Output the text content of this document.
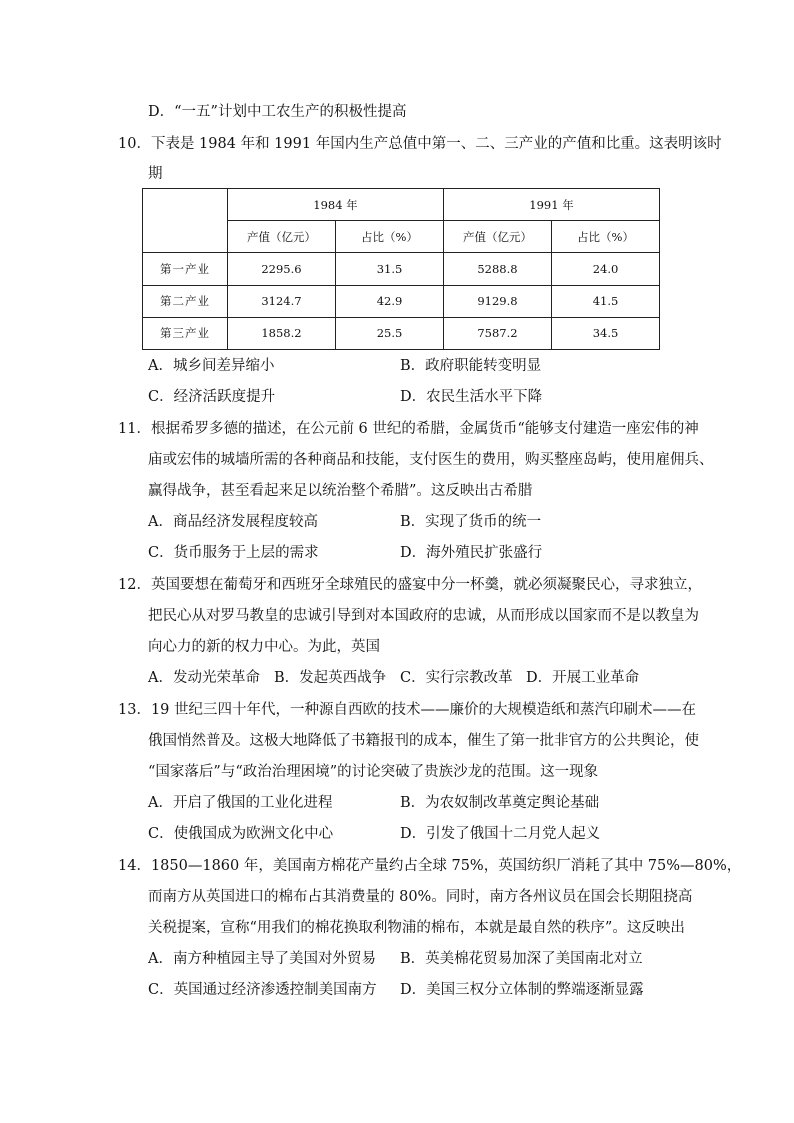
D．“一五”计划中工农生产的积极性提高
10．下表是 1984 年和 1991 年国内生产总值中第一、二、三产业的产值和比重。这表明该时
期
	1984 年		1991 年	
	产值（亿元）	占比（%）	产值（亿元）	占比（%）
第一产业	2295.6	31.5	5288.8	24.0
第二产业	3124.7	42.9	9129.8	41.5
第三产业	1858.2	25.5	7587.2	34.5
A．城乡间差异缩小	B．政府职能转变明显
C．经济活跃度提升	D．农民生活水平下降
11．根据希罗多德的描述，在公元前 6 世纪的希腊，金属货币“能够支付建造一座宏伟的神
庙或宏伟的城墙所需的各种商品和技能，支付医生的费用，购买整座岛屿，使用雇佣兵、
赢得战争，甚至看起来足以统治整个希腊”。这反映出古希腊
A．商品经济发展程度较高	B．实现了货币的统一
C．货币服务于上层的需求	D．海外殖民扩张盛行
12．英国要想在葡萄牙和西班牙全球殖民的盛宴中分一杯羹，就必须凝聚民心，寻求独立，
把民心从对罗马教皇的忠诚引导到对本国政府的忠诚，从而形成以国家而不是以教皇为
向心力的新的权力中心。为此，英国
A．发动光荣革命 B．发起英西战争 C．实行宗教改革 D．开展工业革命
13．19 世纪三四十年代，一种源自西欧的技术——廉价的大规模造纸和蒸汽印刷术——在
俄国悄然普及。这极大地降低了书籍报刊的成本，催生了第一批非官方的公共舆论，使
“国家落后”与“政治治理困境”的讨论突破了贵族沙龙的范围。这一现象
A．开启了俄国的工业化进程	B．为农奴制改革奠定舆论基础
C．使俄国成为欧洲文化中心	D．引发了俄国十二月党人起义
14．1850—1860 年，美国南方棉花产量约占全球 75%，英国纺织厂消耗了其中 75%—80%，
而南方从英国进口的棉布占其消费量的 80%。同时，南方各州议员在国会长期阻挠高
关税提案，宣称“用我们的棉花换取利物浦的棉布，本就是最自然的秩序”。这反映出
A．南方种植园主导了美国对外贸易 B．英美棉花贸易加深了美国南北对立
C．英国通过经济渗透控制美国南方 D．美国三权分立体制的弊端逐渐显露
